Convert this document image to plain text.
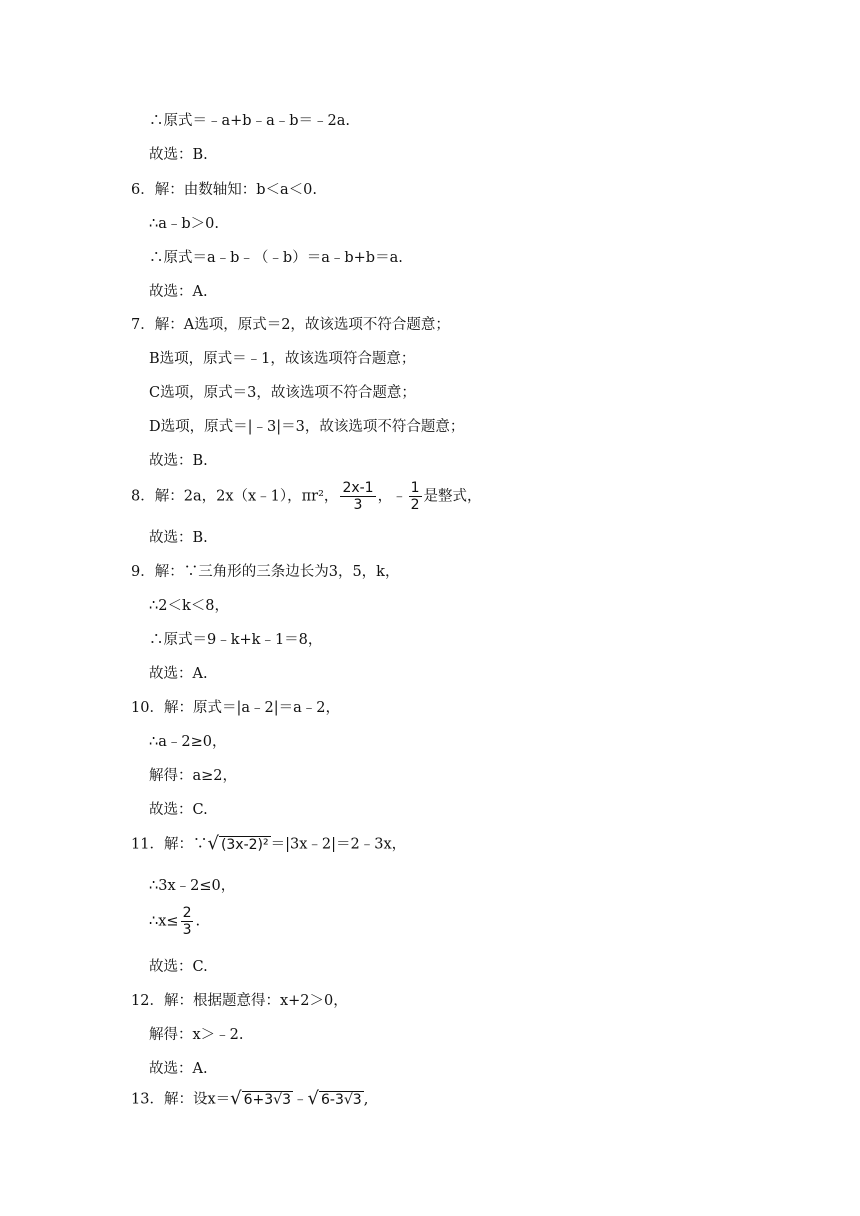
∴原式＝﹣a+b﹣a﹣b＝﹣2a.
故选：B.
6．解：由数轴知：b＜a＜0.
∴a﹣b＞0.
∴原式＝a﹣b﹣（﹣b）＝a﹣b+b＝a.
故选：A.
7．解：A选项，原式＝2，故该选项不符合题意；
B选项，原式＝﹣1，故该选项符合题意；
C选项，原式＝3，故该选项不符合题意；
D选项，原式＝|﹣3|＝3，故该选项不符合题意；
故选：B.
8．解：2a，2x（x﹣1），πr²， $\frac{2x-1}{3}$ ，﹣ $\frac{1}{2}$ 是整式，
故选：B.
9．解：∵三角形的三条边长为3，5，k，
∴2＜k＜8，
∴原式＝9﹣k+k﹣1＝8，
故选：A.
10．解：原式＝|a﹣2|＝a﹣2，
∴a﹣2≥0，
解得：a≥2，
故选：C.
11．解：∵√ (3x-2)² ＝|3x﹣2|＝2﹣3x，
∴3x﹣2≤0，
∴x≤ $\frac{2}{3}$ .
故选：C.
12．解：根据题意得：x+2＞0，
解得：x＞﹣2.
故选：A.
13．解：设x＝√ 6+3√3 ﹣√ 6-3√3 ,
